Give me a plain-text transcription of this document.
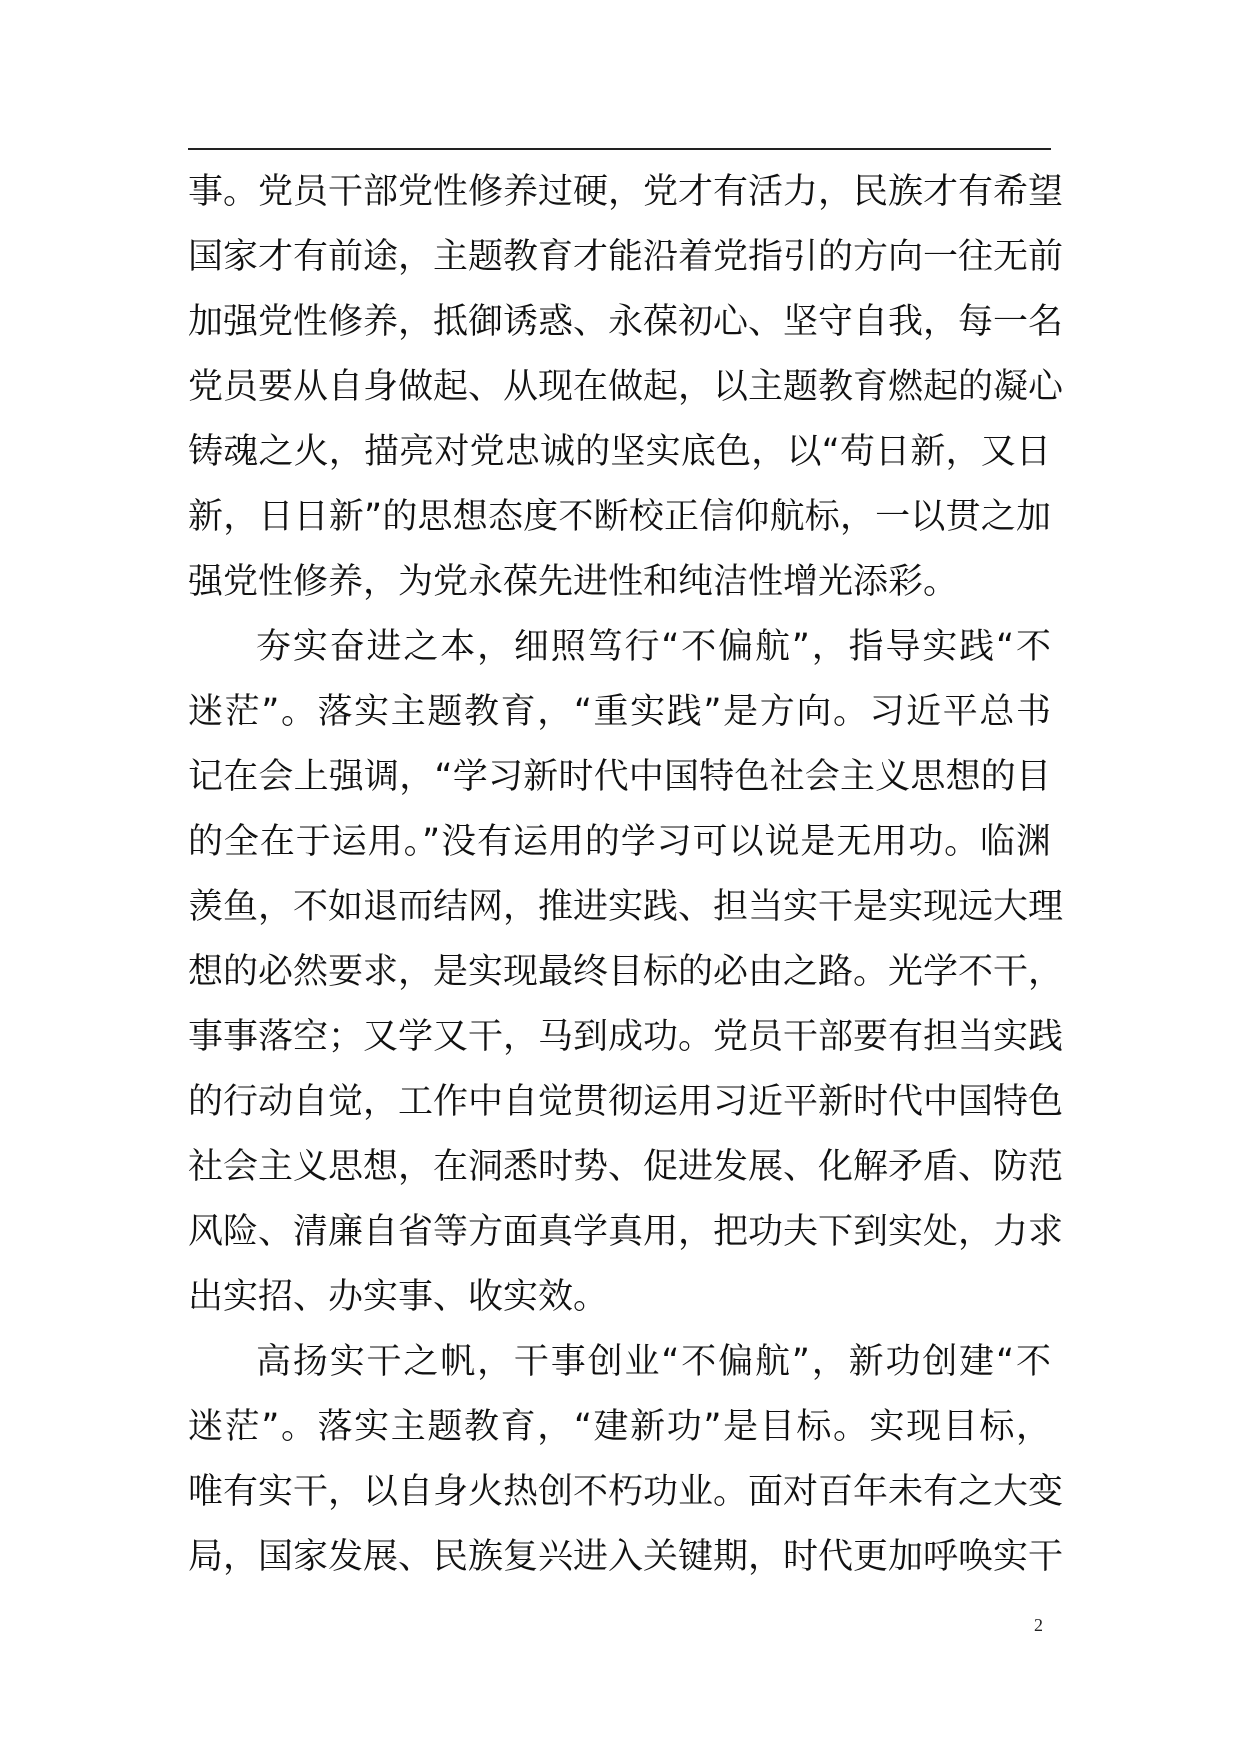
事。党员干部党性修养过硬，党才有活力，民族才有希望
国家才有前途，主题教育才能沿着党指引的方向一往无前
加强党性修养，抵御诱惑、永葆初心、坚守自我，每一名
党员要从自身做起、从现在做起，以主题教育燃起的凝心
铸魂之火，描亮对党忠诚的坚实底色，以“苟日新，又日
新，日日新”的思想态度不断校正信仰航标，一以贯之加
强党性修养，为党永葆先进性和纯洁性增光添彩。
夯实奋进之本，细照笃行“不偏航”，指导实践“不
迷茫”。落实主题教育，“重实践”是方向。习近平总书
记在会上强调，“学习新时代中国特色社会主义思想的目
的全在于运用。”没有运用的学习可以说是无用功。临渊
羡鱼，不如退而结网，推进实践、担当实干是实现远大理
想的必然要求，是实现最终目标的必由之路。光学不干，
事事落空；又学又干，马到成功。党员干部要有担当实践
的行动自觉，工作中自觉贯彻运用习近平新时代中国特色
社会主义思想，在洞悉时势、促进发展、化解矛盾、防范
风险、清廉自省等方面真学真用，把功夫下到实处，力求
出实招、办实事、收实效。
高扬实干之帆，干事创业“不偏航”，新功创建“不
迷茫”。落实主题教育，“建新功”是目标。实现目标，
唯有实干，以自身火热创不朽功业。面对百年未有之大变
局，国家发展、民族复兴进入关键期，时代更加呼唤实干
2
